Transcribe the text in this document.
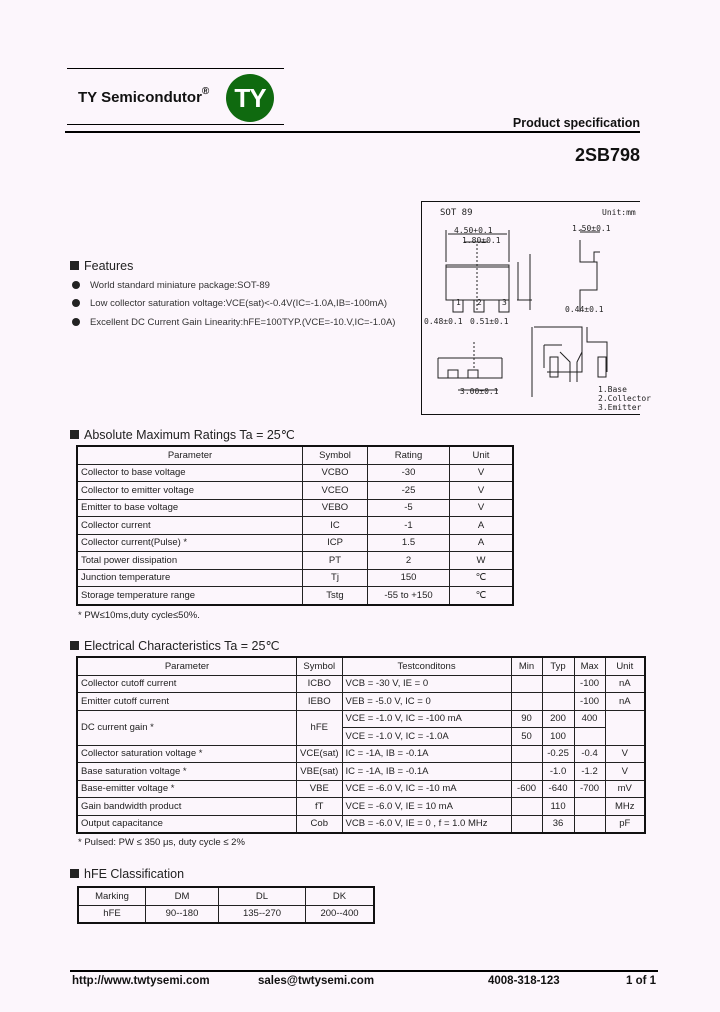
TY Semicondutor® TY
Product specification
2SB798
Features
World standard miniature package:SOT-89
Low collector saturation voltage:VCE(sat)<-0.4V(IC=-1.0A,IB=-100mA)
Excellent DC Current Gain Linearity:hFE=100TYP.(VCE=-10.V,IC=-1.0A)
SOT 89	Unit:mm
4.50+0.1
1.80±0.1
1.50±0.1
0.44±0.1
0.48±0.1 0.51±0.1
3.00±0.1
1 2	3
1.Base
2.Collector
3.Emitter
Absolute Maximum Ratings Ta = 25℃
Parameter	Symbol	Rating	Unit
Collector to base voltage	VCBO	-30	V
Collector to emitter voltage	VCEO	-25	V
Emitter to base voltage	VEBO	-5	V
Collector current	IC	-1	A
Collector current(Pulse) *	ICP	1.5	A
Total power dissipation	PT	2	W
Junction temperature	Tj	150	℃
Storage temperature range	Tstg	-55 to +150	℃
* PW≤10ms,duty cycle≤50%.
Electrical Characteristics Ta = 25℃
Parameter	Symbol	Testconditons	Min	Typ	Max	Unit
Collector cutoff current	ICBO	VCB = -30 V, IE = 0			-100	nA
Emitter cutoff current	IEBO	VEB = -5.0 V, IC = 0			-100	nA
DC current gain *	hFE	VCE = -1.0 V, IC = -100 mA	90	200	400	
		VCE = -1.0 V, IC = -1.0A	50	100		
Collector saturation voltage *	VCE(sat)	IC = -1A, IB = -0.1A		-0.25	-0.4	V
Base saturation voltage *	VBE(sat)	IC = -1A, IB = -0.1A		-1.0	-1.2	V
Base-emitter voltage *	VBE	VCE = -6.0 V, IC = -10 mA	-600	-640	-700	mV
Gain bandwidth product	fT	VCE = -6.0 V, IE = 10 mA		110		MHz
Output capacitance	Cob	VCB = -6.0 V, IE = 0 , f = 1.0 MHz		36		pF
* Pulsed: PW ≤ 350 μs, duty cycle ≤ 2%
hFE Classification
Marking	DM	DL	DK
hFE	90--180	135--270	200--400
http://www.twtysemi.com	sales@twtysemi.com	4008-318-123	1 of 1
